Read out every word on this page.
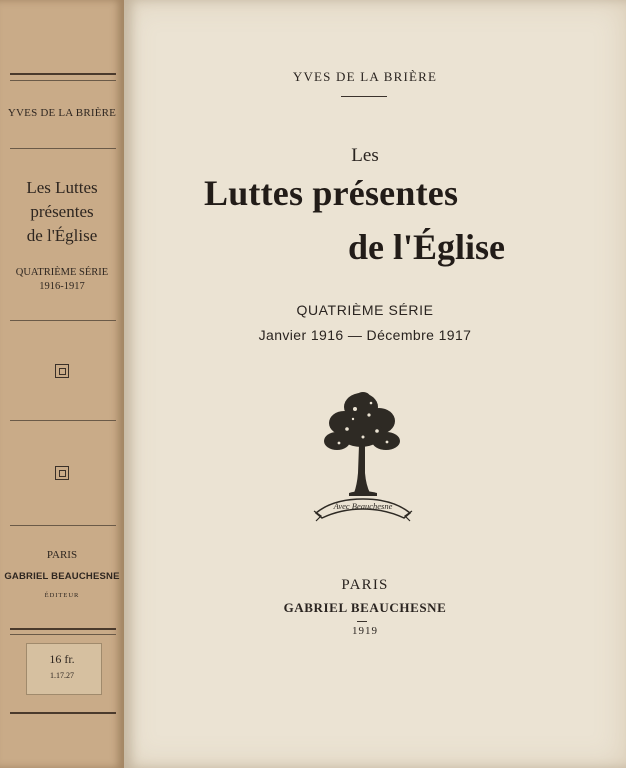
YVES DE LA BRIÈRE
Les Luttes
présentes
de l'Église
QUATRIÈME SÉRIE
1916-1917
PARIS
GABRIEL BEAUCHESNE
ÉDITEUR
16 fr.
1.17.27
YVES DE LA BRIÈRE
Les
Luttes présentes
de l'Église
QUATRIÈME SÉRIE
Janvier 1916 — Décembre 1917
Avec Beauchesne
PARIS
GABRIEL BEAUCHESNE
1919
